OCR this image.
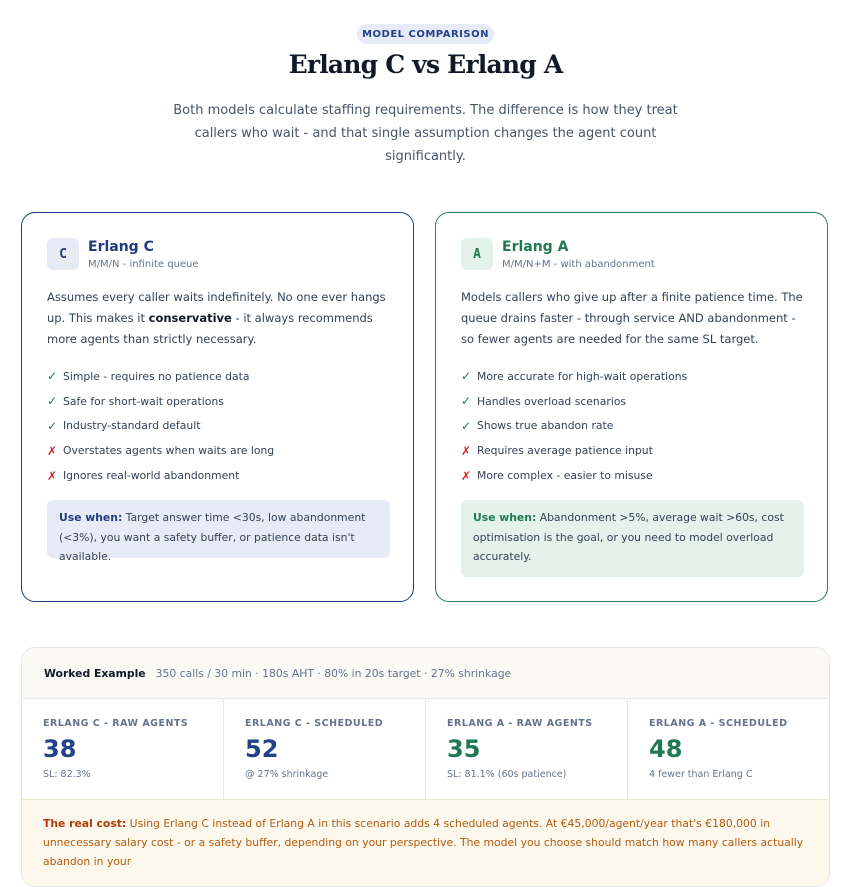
MODEL COMPARISON
Erlang C vs Erlang A
Both models calculate staffing requirements. The difference is how they treat callers who wait - and that single assumption changes the agent count significantly.
C	Erlang C
M/M/N - infinite queue
Assumes every caller waits indefinitely. No one ever hangs up. This makes it conservative - it always recommends more agents than strictly necessary.
✓ Simple - requires no patience data
✓ Safe for short-wait operations
✓ Industry-standard default
✗ Overstates agents when waits are long
✗ Ignores real-world abandonment
Use when: Target answer time <30s, low abandonment (<3%), you want a safety buffer, or patience data isn't available.
A	Erlang A
M/M/N+M - with abandonment
Models callers who give up after a finite patience time. The queue drains faster - through service AND abandonment - so fewer agents are needed for the same SL target.
✓ More accurate for high-wait operations
✓ Handles overload scenarios
✓ Shows true abandon rate
✗ Requires average patience input
✗ More complex - easier to misuse
Use when: Abandonment >5%, average wait >60s, cost optimisation is the goal, or you need to model overload accurately.
Worked Example 350 calls / 30 min · 180s AHT · 80% in 20s target · 27% shrinkage
ERLANG C - RAW AGENTS
38
SL: 82.3%
ERLANG C - SCHEDULED
52
@ 27% shrinkage
ERLANG A - RAW AGENTS
35
SL: 81.1% (60s patience)
ERLANG A - SCHEDULED
48
4 fewer than Erlang C
The real cost: Using Erlang C instead of Erlang A in this scenario adds 4 scheduled agents. At €45,000/agent/year that's €180,000 in unnecessary salary cost - or a safety buffer, depending on your perspective. The model you choose should match how many callers actually abandon in your
